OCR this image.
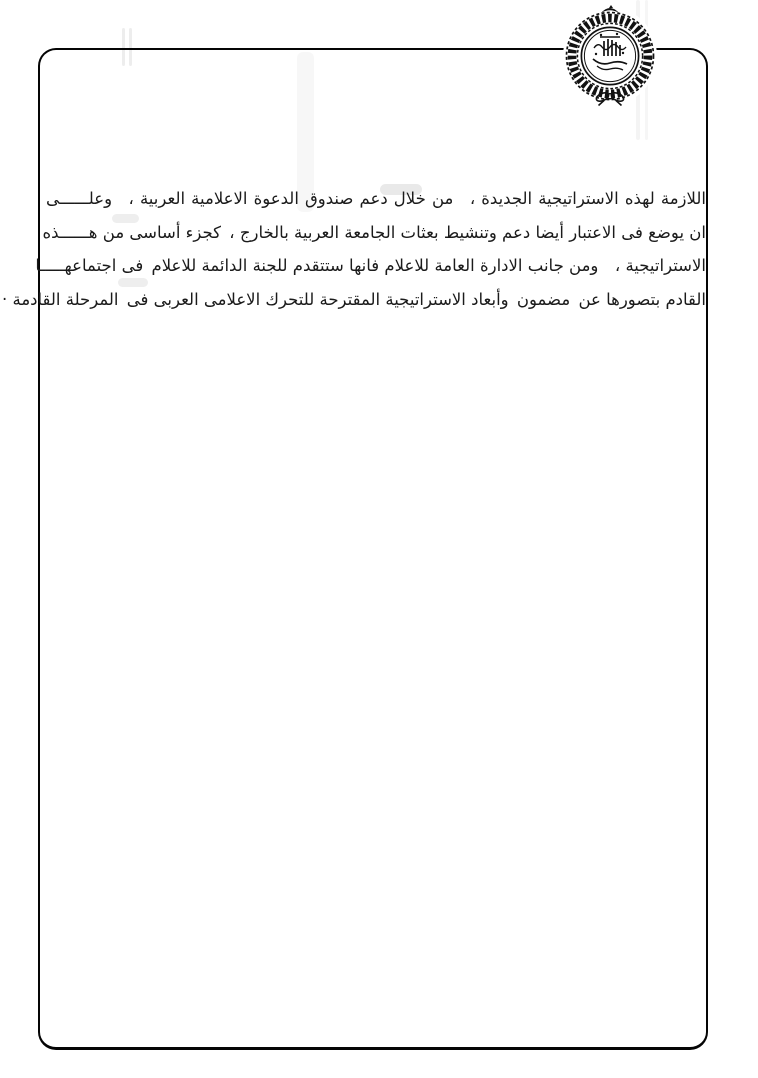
اللازمة لهذه الاستراتيجية الجديدة ، من خلال دعم صندوق الدعوة الاعلامية العربية ، وعلــــــى
ان يوضع فى الاعتبار أيضا دعم وتنشيط بعثات الجامعة العربية بالخارج ، كجزء أساسى من هــــــذه
الاستراتيجية ، ومن جانب الادارة العامة للاعلام فانها ستتقدم للجنة الدائمة للاعلام فى اجتماعهـــــا
القادم بتصورها عن مضمون وأبعاد الاستراتيجية المقترحة للتحرك الاعلامى العربى فى المرحلة القادمة ·
